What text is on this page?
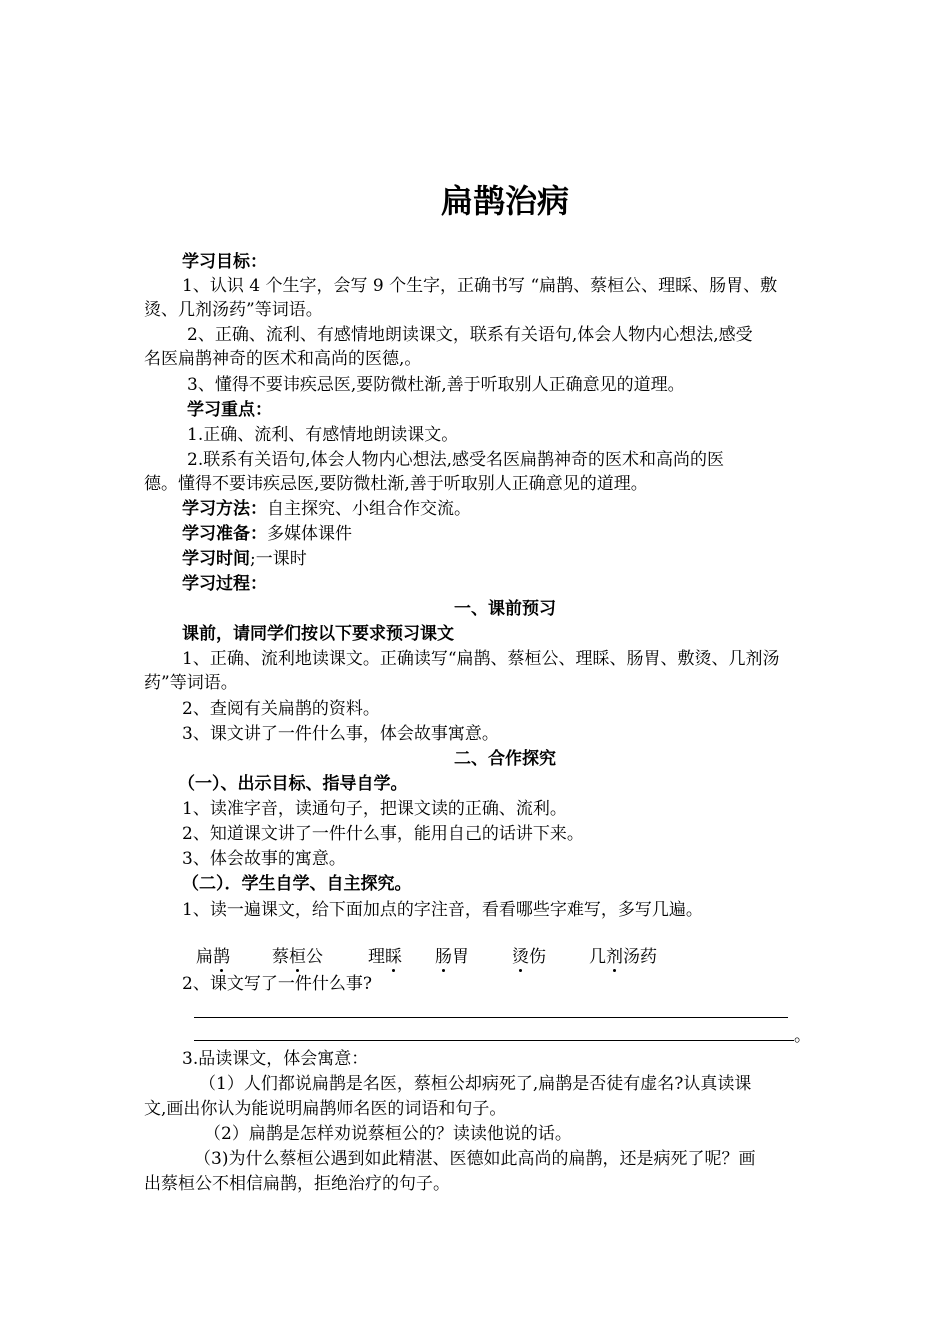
扁鹊治病
学习目标：
1、认识 4 个生字，会写 9 个生字，正确书写 “扁鹊、蔡桓公、理睬、肠胃、敷
烫、几剂汤药”等词语。
2、正确、流利、有感情地朗读课文，联系有关语句,体会人物内心想法,感受
名医扁鹊神奇的医术和高尚的医德,。
3、懂得不要讳疾忌医,要防微杜渐,善于听取别人正确意见的道理。
学习重点：
1.正确、流利、有感情地朗读课文。
2.联系有关语句,体会人物内心想法,感受名医扁鹊神奇的医术和高尚的医
德。懂得不要讳疾忌医,要防微杜渐,善于听取别人正确意见的道理。
学习方法：自主探究、小组合作交流。
学习准备：多媒体课件
学习时间;一课时
学习过程：
一、课前预习
课前，请同学们按以下要求预习课文
1、正确、流利地读课文。正确读写“扁鹊、蔡桓公、理睬、肠胃、敷烫、几剂汤
药”等词语。
2、查阅有关扁鹊的资料。
3、课文讲了一件什么事，体会故事寓意。
二、合作探究
（一）、出示目标、指导自学。
1、读准字音，读通句子，把课文读的正确、流利。
2、知道课文讲了一件什么事，能用自己的话讲下来。
3、体会故事的寓意。
（二）．学生自学、自主探究。
1、读一遍课文，给下面加点的字注音，看看哪些字难写，多写几遍。
扁鹊 蔡桓公	理睬 肠胃	烫伤	几剂汤药
2、课文写了一件什么事?
。
3.品读课文，体会寓意：
（1）人们都说扁鹊是名医，蔡桓公却病死了,扁鹊是否徒有虚名?认真读课
文,画出你认为能说明扁鹊师名医的词语和句子。
（2）扁鹊是怎样劝说蔡桓公的？读读他说的话。
（3)为什么蔡桓公遇到如此精湛、医德如此高尚的扁鹊，还是病死了呢？画
出蔡桓公不相信扁鹊，拒绝治疗的句子。
